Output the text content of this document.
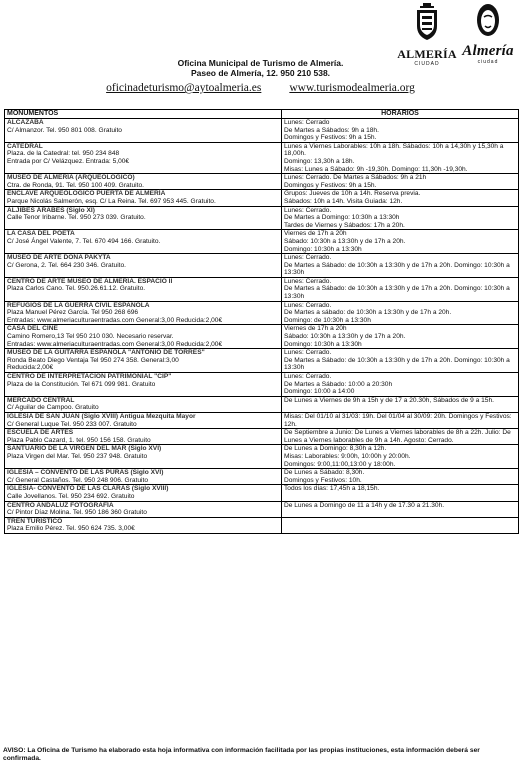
ALMERÍA
CIUDAD
Almería
ciudad
Oficina Municipal de Turismo de Almería.
Paseo de Almería, 12. 950 210 538.
oficinadeturismo@aytoalmeria.es www.turismodealmeria.org
MONUMENTOS	HORARIOS

ALCAZABA
C/ Almanzor. Tel. 950 801 008. Gratuito	Lunes: Cerrado
De Martes a Sábados: 9h a 18h.
Domingos y Festivos: 9h a 15h.

CATEDRAL
Plaza. de la Catedral: tel. 950 234 848
Entrada por C/ Velázquez. Entrada: 5,00€	Lunes a Viernes Laborables: 10h a 18h. Sábados: 10h a 14,30h y 15,30h a 18,00h.
Domingo: 13,30h a 18h.
Misas: Lunes a Sábado: 9h -19,30h. Domingo: 11,30h -19,30h.

MUSEO DE ALMERÍA (ARQUEOLÓGICO)
Ctra. de Ronda, 91. Tel. 950 100 409. Gratuito.	Lunes: Cerrado. De Martes a Sábados: 9h a 21h
Domingos y Festivos: 9h a 15h.

ENCLAVE ARQUEOLÓGICO PUERTA DE ALMERÍA
Parque Nicolás Salmerón, esq. C/ La Reina. Tel. 697 953 445. Gratuito.	Grupos: Jueves de 10h a 14h. Reserva previa.
Sábados: 10h a 14h. Visita Guiada: 12h.

ALJIBES ÁRABES (Siglo XI)
Calle Tenor Iribarne. Tel. 950 273 039. Gratuito.	Lunes: Cerrado.
De Martes a Domingo: 10:30h a 13:30h
Tardes de Viernes y Sábados: 17h a 20h.

LA CASA DEL POETA
C/ José Ángel Valente, 7. Tel. 670 494 166. Gratuito.	Viernes de 17h a 20h
Sábado: 10:30h a 13:30h y de 17h a 20h.
Domingo: 10:30h a 13:30h

MUSEO DE ARTE DOÑA PAKYTA
C/ Gerona, 2. Tel. 664 230 346. Gratuito.	Lunes: Cerrado.
De Martes a Sábado: de 10:30h a 13:30h y de 17h a 20h. Domingo: 10:30h a 13:30h

CENTRO DE ARTE MUSEO DE ALMERÍA. ESPACIO II
Plaza Carlos Cano. Tel. 950.26.61.12. Gratuito.	Lunes: Cerrado.
De Martes a Sábado: de 10:30h a 13:30h y de 17h a 20h. Domingo: 10:30h a 13:30h

REFUGIOS DE LA GUERRA CIVIL ESPAÑOLA
Plaza Manuel Pérez García. Tel 950 268 696
Entradas: www.almeriaculturaentradas.com General:3,00 Reducida:2,00€	Lunes: Cerrado.
De Martes a sábado: de 10:30h a 13:30h y de 17h a 20h.
Domingo: de 10:30h a 13:30h

CASA DEL CINE
Camino Romero,13 Tel 950 210 030. Necesario reservar.
Entradas: www.almeriaculturaentradas.com General:3,00 Reducida:2,00€	Viernes de 17h a 20h
Sábado: 10:30h a 13:30h y de 17h a 20h.
Domingo: 10:30h a 13:30h

MUSEO DE LA GUITARRA ESPAÑOLA "ANTONIO DE TORRES"
Ronda Beato Diego Ventaja Tel 950 274 358. General:3,00
Reducida:2,00€	Lunes: Cerrado.
De Martes a Sábado: de 10:30h a 13:30h y de 17h a 20h. Domingo: 10:30h a 13:30h

CENTRO DE INTERPRETACIÓN PATRIMONIAL "CIP"
Plaza de la Constitución. Tel 671 099 981. Gratuito	Lunes: Cerrado.
De Martes a Sábado: 10:00 a 20:30h
Domingo: 10:00 a 14:00

MERCADO CENTRAL
C/ Aguilar de Campoo. Gratuito	De Lunes a Viernes de 9h a 15h y de 17 a 20.30h, Sábados de 9 a 15h.

IGLESIA DE SAN JUAN (Siglo XVIII) Antigua Mezquita Mayor
C/ General Luque Tel. 950 233 007. Gratuito	Misas: Del 01/10 al 31/03: 19h. Del 01/04 al 30/09: 20h. Domingos y Festivos: 12h.

ESCUELA DE ARTES
Plaza Pablo Cazard, 1. tel. 950 156 158. Gratuito	De Septiembre a Junio: De Lunes a Viernes laborables de 8h a 22h. Julio: De Lunes a Viernes laborables de 9h a 14h. Agosto: Cerrado.

SANTUARIO DE LA VIRGEN DEL MAR (Siglo XVI)
Plaza Virgen del Mar. Tel. 950 237 948. Gratuito	De Lunes a Domingo: 8,30h a 12h.
Misas: Laborables: 9:00h, 10:00h y 20:00h.
Domingos: 9:00,11:00,13:00 y 18:00h.

IGLESIA – CONVENTO DE LAS PURAS (Siglo XVI)
C/ General Castaños. Tel. 950 248 906. Gratuito	De Lunes a Sábado: 8,30h.
Domingos y Festivos: 10h.

IGLESIA- CONVENTO DE LAS CLARAS (Siglo XVIII)
Calle Jovellanos. Tel. 950 234 692. Gratuito	Todos los días: 17,45h a 18,15h.

CENTRO ANDALUZ FOTOGRAFÍA
C/ Pintor Díaz Molina. Tel. 950 186 360 Gratuito	De Lunes a Domingo de 11 a 14h y de 17.30 a 21.30h.

TREN TURÍSTICO
Plaza Emilio Pérez. Tel. 950 624 735. 3,00€	

AVISO: La Oficina de Turismo ha elaborado esta hoja informativa con información facilitada por las propias instituciones, esta información deberá ser confirmada.
